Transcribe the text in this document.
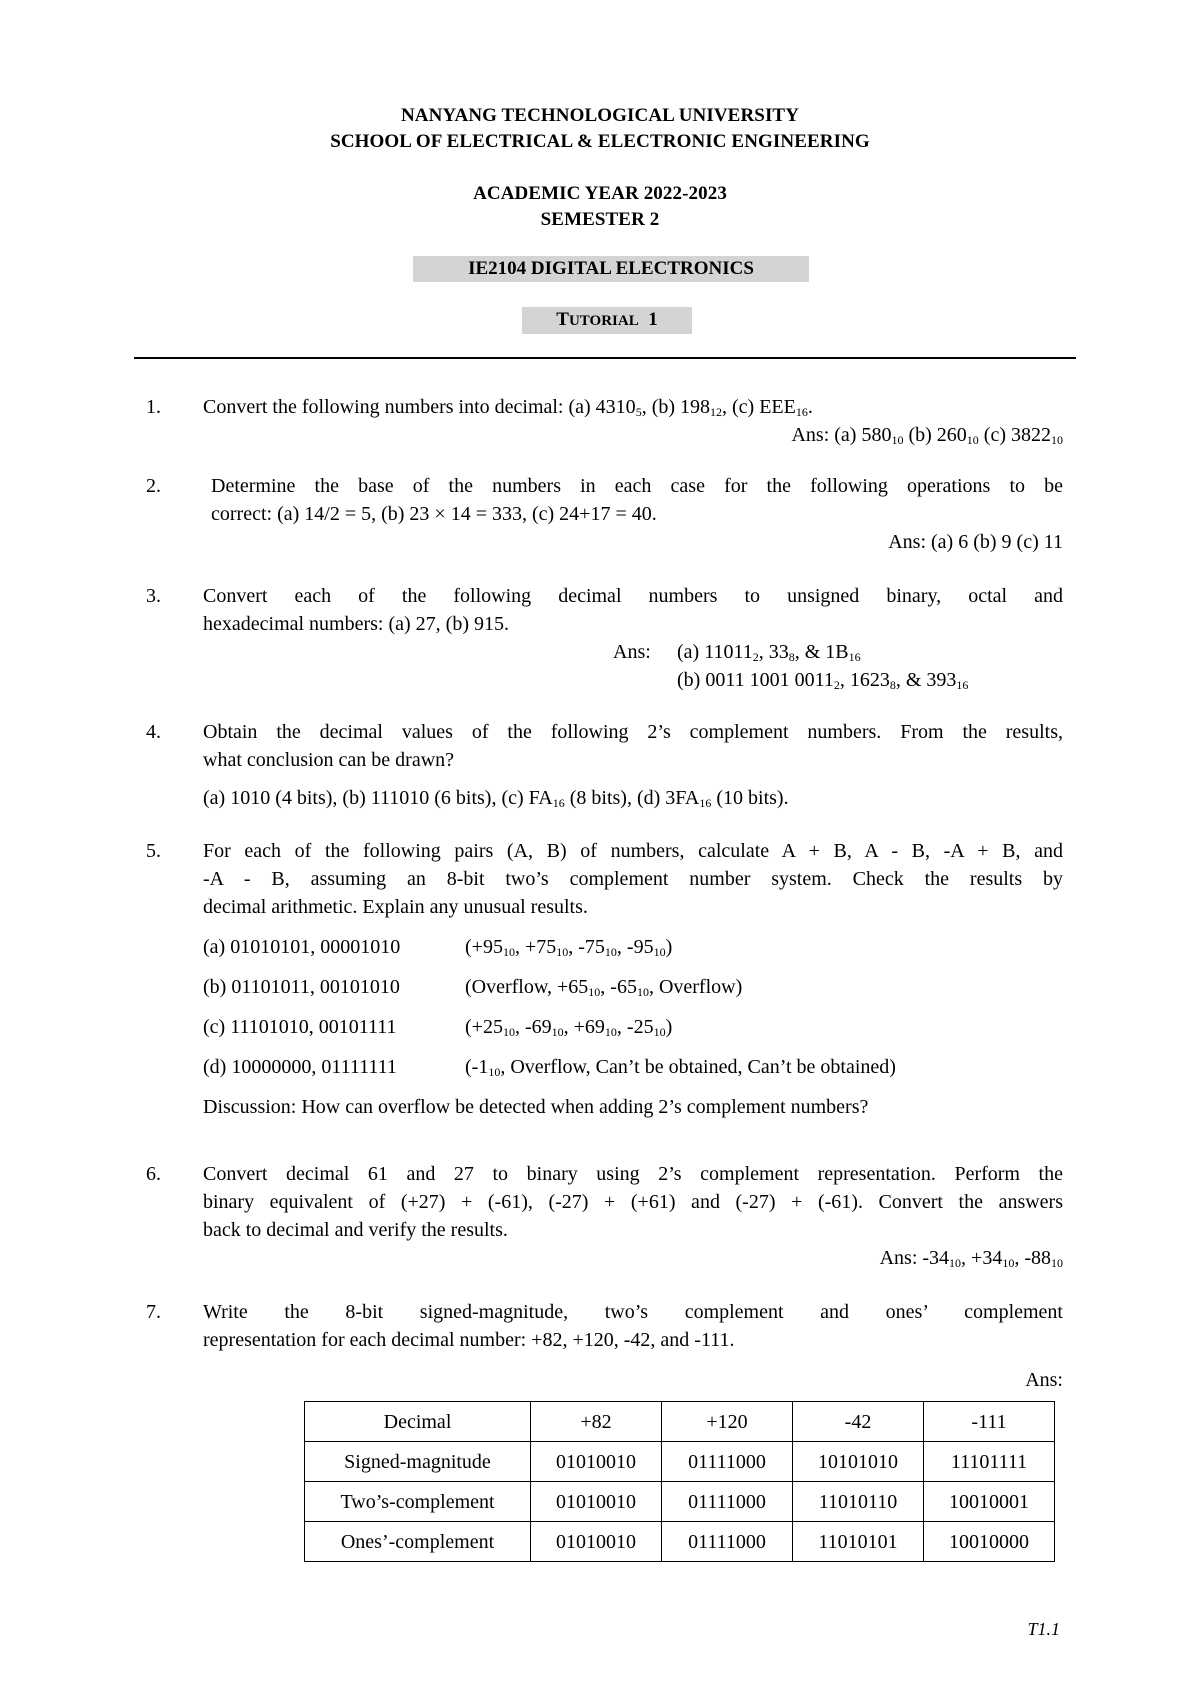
NANYANG TECHNOLOGICAL UNIVERSITY
SCHOOL OF ELECTRICAL & ELECTRONIC ENGINEERING
ACADEMIC YEAR 2022-2023
SEMESTER 2
IE2104 DIGITAL ELECTRONICS
TUTORIAL 1
1.	Convert the following numbers into decimal: (a) $4310_5$, (b) $198_{12}$, (c) $EEE_{16}$.

Ans: (a) $580_{10}$ (b) $260_{10}$ (c) $3822_{10}$

2.	Determine the base of the numbers in each case for the following operations to be

correct: (a) 14/2 = 5, (b) 23 × 14 = 333, (c) 24+17 = 40.

Ans: (a) 6 (b) 9 (c) 11

3.	Convert each of the following decimal numbers to unsigned binary, octal and

hexadecimal numbers: (a) 27, (b) 915.

Ans: (a) $11011_2$, $33_8$, & $1B_{16}$
(b) 0011 1001 $0011_2$, $1623_8$, & $393_{16}$
4.	Obtain the decimal values of the following 2’s complement numbers. From the results,

what conclusion can be drawn?

(a) 1010 (4 bits), (b) 111010 (6 bits), (c) $FA_{16}$ (8 bits), (d) $3FA_{16}$ (10 bits).

5.	For each of the following pairs (A, B) of numbers, calculate A + B, A - B, -A + B, and

-A - B, assuming an 8-bit two’s complement number system. Check the results by

decimal arithmetic. Explain any unusual results.

(a) 01010101, 00001010	($+95_{10}$, $+75_{10}$, $-75_{10}$, $-95_{10}$)
(b) 01101011, 00101010	(Overflow, $+65_{10}$, $-65_{10}$, Overflow)
(c) 11101010, 00101111	($+25_{10}$, $-69_{10}$, $+69_{10}$, $-25_{10}$)
(d) 10000000, 01111111	($-1_{10}$, Overflow, Can’t be obtained, Can’t be obtained)
Discussion: How can overflow be detected when adding 2’s complement numbers?
6.	Convert decimal 61 and 27 to binary using 2’s complement representation. Perform the

binary equivalent of (+27) + (-61), (-27) + (+61) and (-27) + (-61). Convert the answers

back to decimal and verify the results.

Ans: $-34_{10}$, $+34_{10}$, $-88_{10}$

7.	Write the 8-bit signed-magnitude, two’s complement and ones’ complement

representation for each decimal number: +82, +120, -42, and -111.

Ans:

Decimal	+82	+120	-42	-111
Signed-magnitude	01010010	01111000	10101010	11101111
Two’s-complement	01010010	01111000	11010110	10010001
Ones’-complement	01010010	01111000	11010101	10010000
T1.1
